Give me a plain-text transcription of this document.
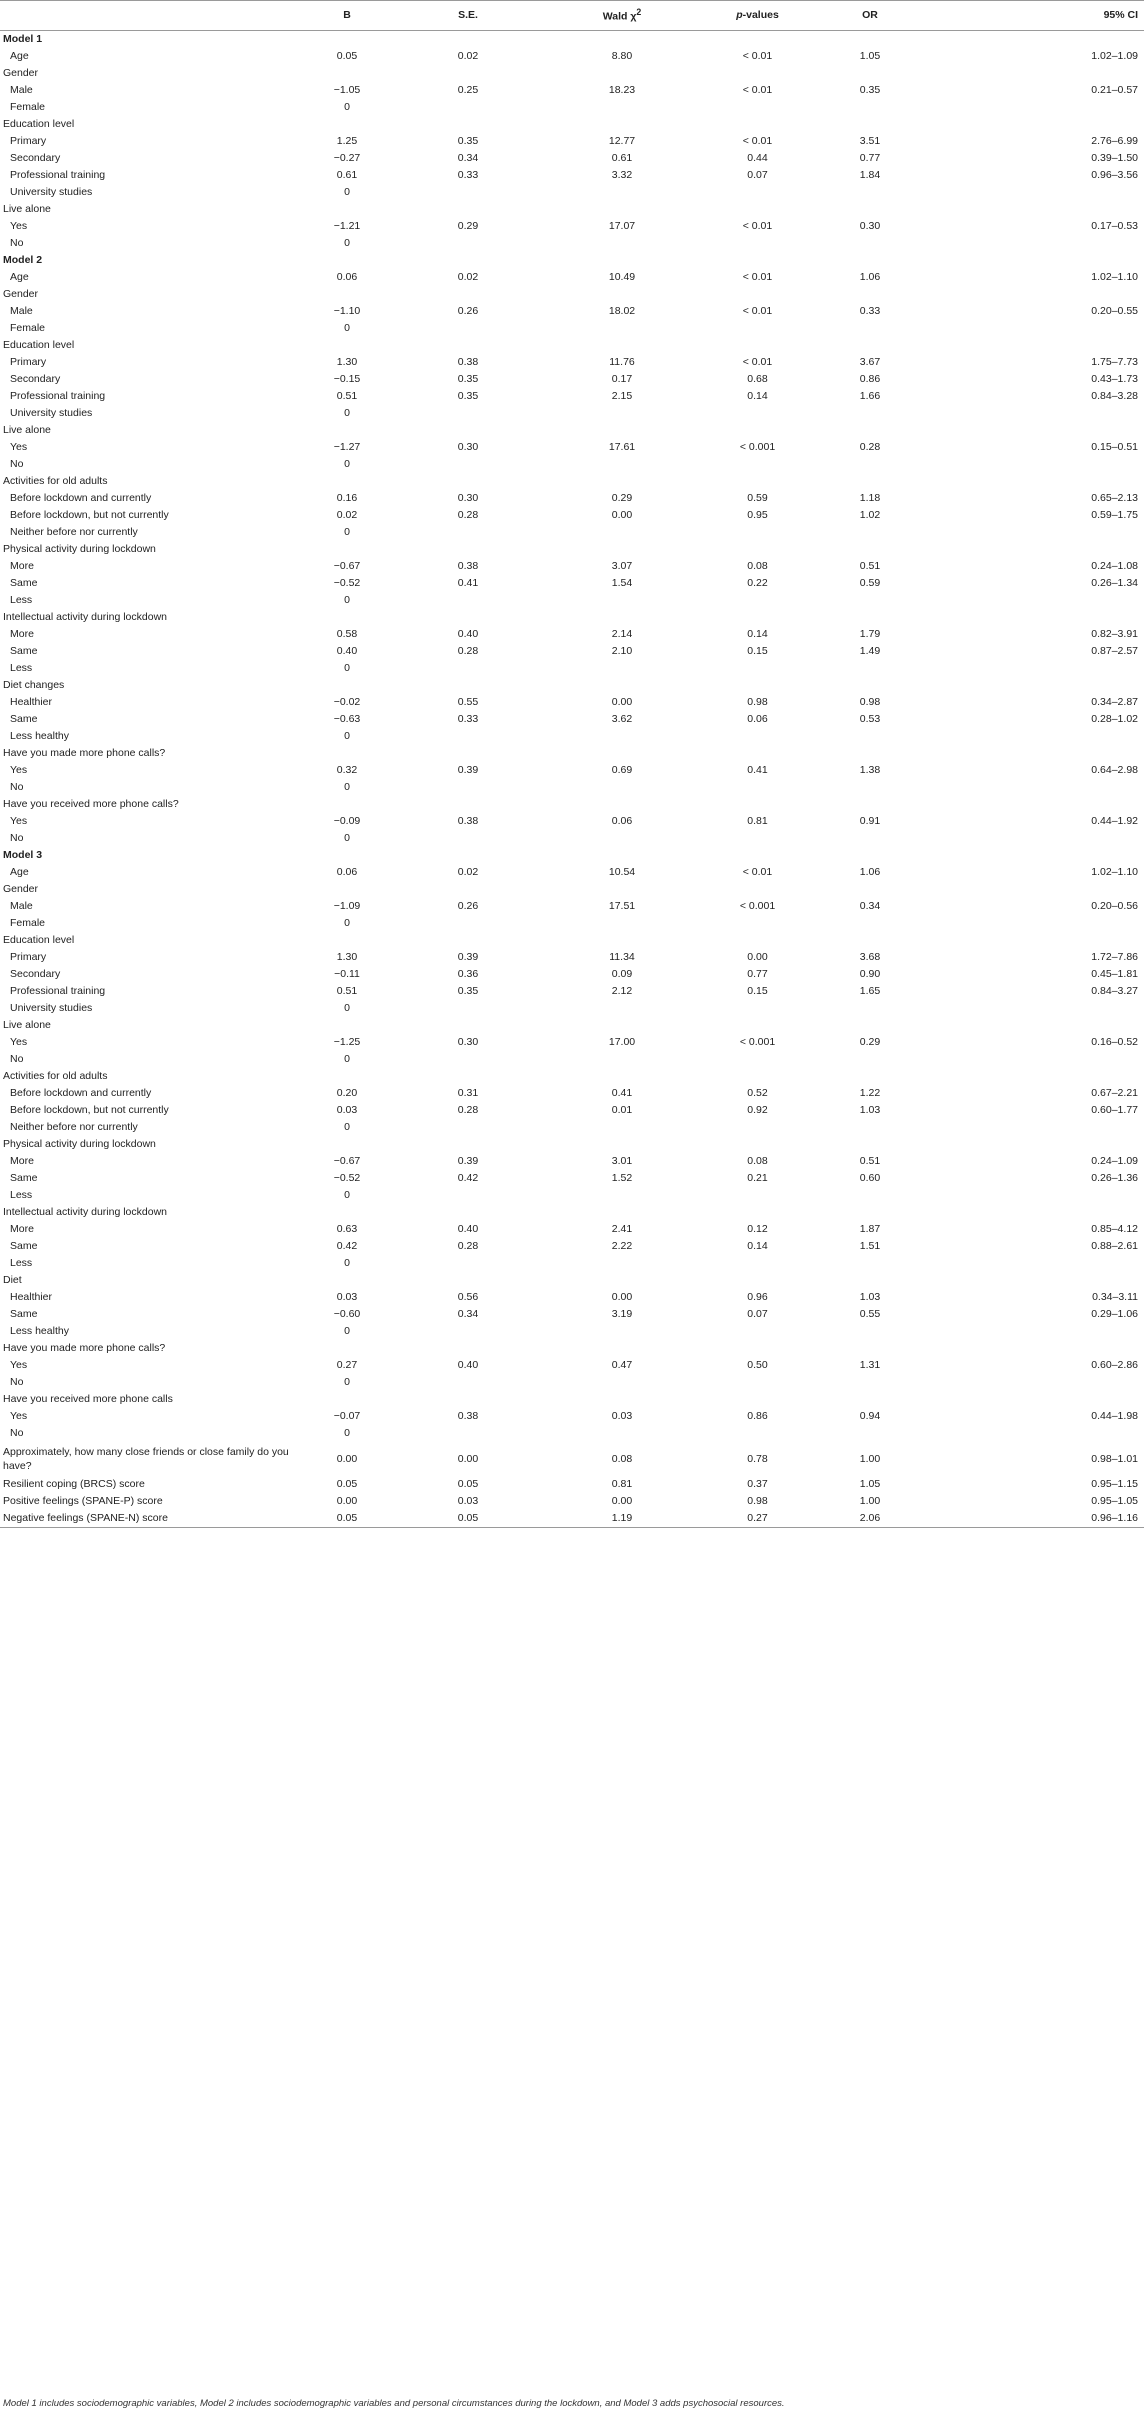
		B	S.E.	Wald $\chi^2$	p-values	OR	95% CI
Model 1							
Age		0.05	0.02	8.80	< 0.01	1.05	1.02–1.09
Gender							
Male		−1.05	0.25	18.23	< 0.01	0.35	0.21–0.57
Female		0					
Education level							
Primary		1.25	0.35	12.77	< 0.01	3.51	2.76–6.99
Secondary		−0.27	0.34	0.61	0.44	0.77	0.39–1.50
Professional training		0.61	0.33	3.32	0.07	1.84	0.96–3.56
University studies		0					
Live alone							
Yes		−1.21	0.29	17.07	< 0.01	0.30	0.17–0.53
No		0					
Model 2							
Age		0.06	0.02	10.49	< 0.01	1.06	1.02–1.10
Gender							
Male		−1.10	0.26	18.02	< 0.01	0.33	0.20–0.55
Female		0					
Education level							
Primary		1.30	0.38	11.76	< 0.01	3.67	1.75–7.73
Secondary		−0.15	0.35	0.17	0.68	0.86	0.43–1.73
Professional training		0.51	0.35	2.15	0.14	1.66	0.84–3.28
University studies		0					
Live alone							
Yes		−1.27	0.30	17.61	< 0.001	0.28	0.15–0.51
No		0					
Activities for old adults							
Before lockdown and currently		0.16	0.30	0.29	0.59	1.18	0.65–2.13
Before lockdown, but not currently		0.02	0.28	0.00	0.95	1.02	0.59–1.75
Neither before nor currently		0					
Physical activity during lockdown							
More		−0.67	0.38	3.07	0.08	0.51	0.24–1.08
Same		−0.52	0.41	1.54	0.22	0.59	0.26–1.34
Less		0					
Intellectual activity during lockdown							
More		0.58	0.40	2.14	0.14	1.79	0.82–3.91
Same		0.40	0.28	2.10	0.15	1.49	0.87–2.57
Less		0					
Diet changes							
Healthier		−0.02	0.55	0.00	0.98	0.98	0.34–2.87
Same		−0.63	0.33	3.62	0.06	0.53	0.28–1.02
Less healthy		0					
Have you made more phone calls?							
Yes		0.32	0.39	0.69	0.41	1.38	0.64–2.98
No		0					
Have you received more phone calls?							
Yes		−0.09	0.38	0.06	0.81	0.91	0.44–1.92
No		0					
Model 3							
Age		0.06	0.02	10.54	< 0.01	1.06	1.02–1.10
Gender							
Male		−1.09	0.26	17.51	< 0.001	0.34	0.20–0.56
Female		0					
Education level							
Primary		1.30	0.39	11.34	0.00	3.68	1.72–7.86
Secondary		−0.11	0.36	0.09	0.77	0.90	0.45–1.81
Professional training		0.51	0.35	2.12	0.15	1.65	0.84–3.27
University studies		0					
Live alone							
Yes		−1.25	0.30	17.00	< 0.001	0.29	0.16–0.52
No		0					
Activities for old adults							
Before lockdown and currently		0.20	0.31	0.41	0.52	1.22	0.67–2.21
Before lockdown, but not currently		0.03	0.28	0.01	0.92	1.03	0.60–1.77
Neither before nor currently		0					
Physical activity during lockdown							
More		−0.67	0.39	3.01	0.08	0.51	0.24–1.09
Same		−0.52	0.42	1.52	0.21	0.60	0.26–1.36
Less		0					
Intellectual activity during lockdown							
More		0.63	0.40	2.41	0.12	1.87	0.85–4.12
Same		0.42	0.28	2.22	0.14	1.51	0.88–2.61
Less		0					
Diet							
Healthier		0.03	0.56	0.00	0.96	1.03	0.34–3.11
Same		−0.60	0.34	3.19	0.07	0.55	0.29–1.06
Less healthy		0					
Have you made more phone calls?							
Yes		0.27	0.40	0.47	0.50	1.31	0.60–2.86
No		0					
Have you received more phone calls							
Yes		−0.07	0.38	0.03	0.86	0.94	0.44–1.98
No		0					
Approximately, how many close friends or close family do you have?		0.00	0.00	0.08	0.78	1.00	0.98–1.01
Resilient coping (BRCS) score		0.05	0.05	0.81	0.37	1.05	0.95–1.15
Positive feelings (SPANE-P) score		0.00	0.03	0.00	0.98	1.00	0.95–1.05
Negative feelings (SPANE-N) score		0.05	0.05	1.19	0.27	2.06	0.96–1.16
Model 1 includes sociodemographic variables, Model 2 includes sociodemographic variables and personal circumstances during the lockdown, and Model 3 adds psychosocial resources.
